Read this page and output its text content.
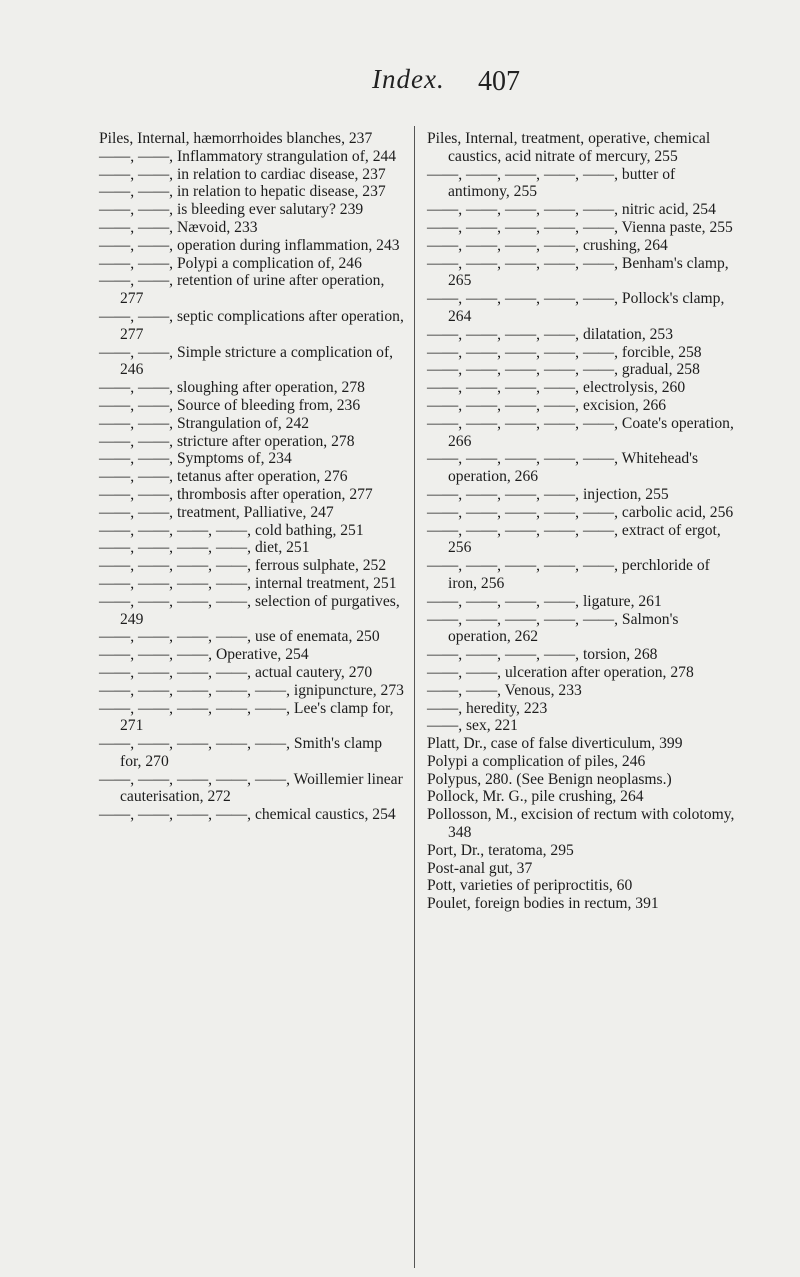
Index. 407
Piles, Internal, hæmorrhoides blanches, 237
——, ——, Inflammatory strangulation of, 244
——, ——, in relation to cardiac disease, 237
——, ——, in relation to hepatic disease, 237
——, ——, is bleeding ever salutary? 239
——, ——, Nævoid, 233
——, ——, operation during inflammation, 243
——, ——, Polypi a complication of, 246
——, ——, retention of urine after operation, 277
——, ——, septic complications after operation, 277
——, ——, Simple stricture a complication of, 246
——, ——, sloughing after operation, 278
——, ——, Source of bleeding from, 236
——, ——, Strangulation of, 242
——, ——, stricture after operation, 278
——, ——, Symptoms of, 234
——, ——, tetanus after operation, 276
——, ——, thrombosis after operation, 277
——, ——, treatment, Palliative, 247
——, ——, ——, ——, cold bathing, 251
——, ——, ——, ——, diet, 251
——, ——, ——, ——, ferrous sulphate, 252
——, ——, ——, ——, internal treatment, 251
——, ——, ——, ——, selection of purgatives, 249
——, ——, ——, ——, use of enemata, 250
——, ——, ——, Operative, 254
——, ——, ——, ——, actual cautery, 270
——, ——, ——, ——, ——, ignipuncture, 273
——, ——, ——, ——, ——, Lee's clamp for, 271
——, ——, ——, ——, ——, Smith's clamp for, 270
——, ——, ——, ——, ——, Woillemier linear cauterisation, 272
——, ——, ——, ——, chemical caustics, 254
Piles, Internal, treatment, operative, chemical caustics, acid nitrate of mercury, 255
——, ——, ——, ——, ——, butter of antimony, 255
——, ——, ——, ——, ——, nitric acid, 254
——, ——, ——, ——, ——, Vienna paste, 255
——, ——, ——, ——, crushing, 264
——, ——, ——, ——, ——, Benham's clamp, 265
——, ——, ——, ——, ——, Pollock's clamp, 264
——, ——, ——, ——, dilatation, 253
——, ——, ——, ——, ——, forcible, 258
——, ——, ——, ——, ——, gradual, 258
——, ——, ——, ——, electrolysis, 260
——, ——, ——, ——, excision, 266
——, ——, ——, ——, ——, Coate's operation, 266
——, ——, ——, ——, ——, Whitehead's operation, 266
——, ——, ——, ——, injection, 255
——, ——, ——, ——, ——, carbolic acid, 256
——, ——, ——, ——, ——, extract of ergot, 256
——, ——, ——, ——, ——, perchloride of iron, 256
——, ——, ——, ——, ligature, 261
——, ——, ——, ——, ——, Salmon's operation, 262
——, ——, ——, ——, torsion, 268
——, ——, ulceration after operation, 278
——, ——, Venous, 233
——, heredity, 223
——, sex, 221
Platt, Dr., case of false diverticulum, 399
Polypi a complication of piles, 246
Polypus, 280. (See Benign neoplasms.)
Pollock, Mr. G., pile crushing, 264
Pollosson, M., excision of rectum with colotomy, 348
Port, Dr., teratoma, 295
Post-anal gut, 37
Pott, varieties of periproctitis, 60
Poulet, foreign bodies in rectum, 391
